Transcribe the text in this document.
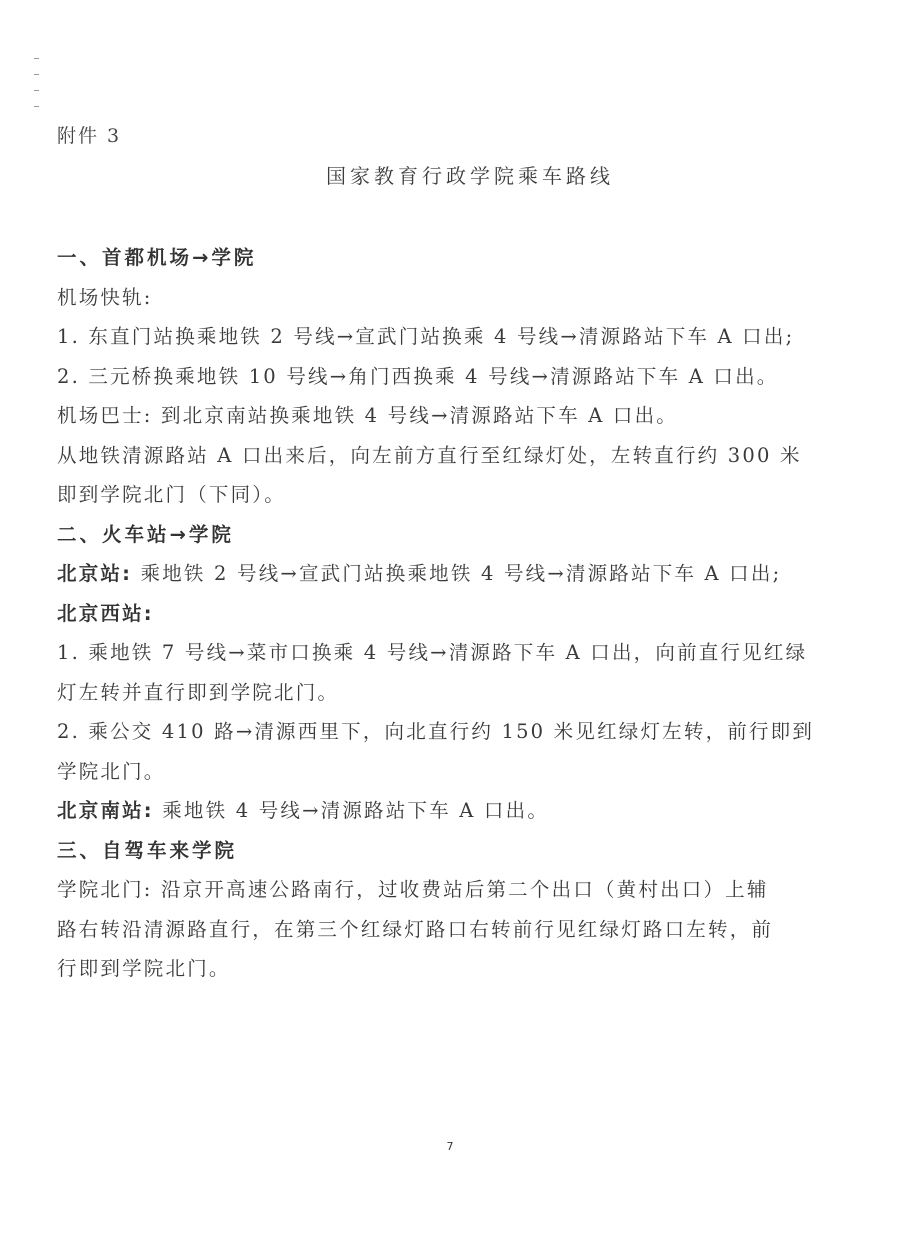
附件 3
国家教育行政学院乘车路线
一、首都机场→学院
机场快轨:
1. 东直门站换乘地铁 2 号线→宣武门站换乘 4 号线→清源路站下车 A 口出;
2. 三元桥换乘地铁 10 号线→角门西换乘 4 号线→清源路站下车 A 口出。
机场巴士: 到北京南站换乘地铁 4 号线→清源路站下车 A 口出。
从地铁清源路站 A 口出来后，向左前方直行至红绿灯处，左转直行约 300 米
即到学院北门（下同）。
二、火车站→学院
北京站: 乘地铁 2 号线→宣武门站换乘地铁 4 号线→清源路站下车 A 口出;
北京西站:
1. 乘地铁 7 号线→菜市口换乘 4 号线→清源路下车 A 口出，向前直行见红绿
灯左转并直行即到学院北门。
2. 乘公交 410 路→清源西里下，向北直行约 150 米见红绿灯左转，前行即到
学院北门。
北京南站: 乘地铁 4 号线→清源路站下车 A 口出。
三、自驾车来学院
学院北门: 沿京开高速公路南行，过收费站后第二个出口（黄村出口）上辅
路右转沿清源路直行，在第三个红绿灯路口右转前行见红绿灯路口左转，前
行即到学院北门。
7
